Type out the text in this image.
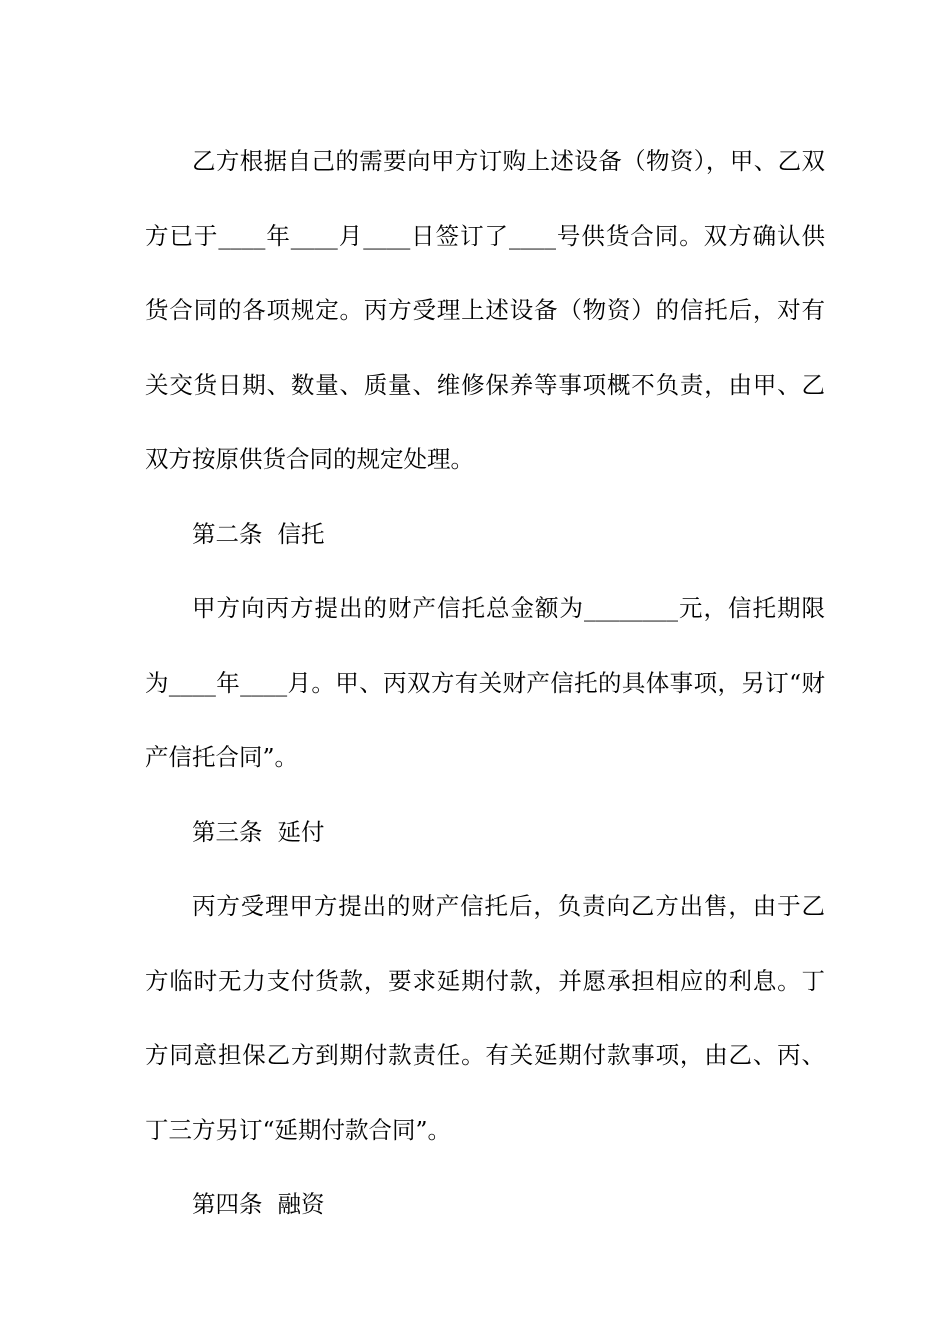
乙方根据自己的需要向甲方订购上述设备（物资），甲、乙双方已于____年____月____日签订了____号供货合同。双方确认供货合同的各项规定。丙方受理上述设备（物资）的信托后，对有关交货日期、数量、质量、维修保养等事项概不负责，由甲、乙双方按原供货合同的规定处理。

第二条  信托

甲方向丙方提出的财产信托总金额为________元，信托期限为____年____月。甲、丙双方有关财产信托的具体事项，另订“财产信托合同”。

第三条  延付

丙方受理甲方提出的财产信托后，负责向乙方出售，由于乙方临时无力支付货款，要求延期付款，并愿承担相应的利息。丁方同意担保乙方到期付款责任。有关延期付款事项，由乙、丙、丁三方另订“延期付款合同”。

第四条  融资
